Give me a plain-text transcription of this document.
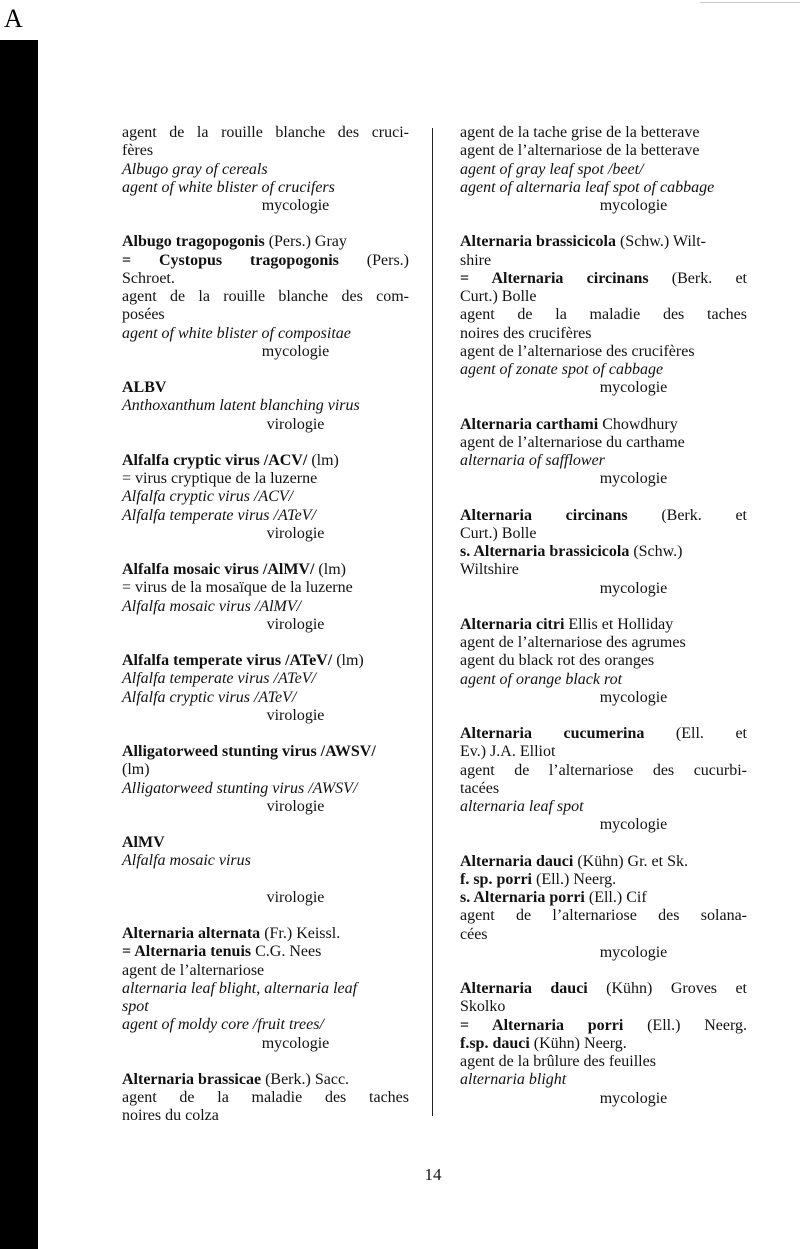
A

agent de la rouille blanche des cruci-

fères

Albugo gray of cereals

agent of white blister of crucifers

mycologie

Albugo tragopogonis (Pers.) Gray

= Cystopus tragopogonis (Pers.)

Schroet.

agent de la rouille blanche des com-

posées

agent of white blister of compositae

mycologie

ALBV

Anthoxanthum latent blanching virus

virologie

Alfalfa cryptic virus /ACV/ (lm)

= virus cryptique de la luzerne

Alfalfa cryptic virus /ACV/

Alfalfa temperate virus /ATeV/

virologie

Alfalfa mosaic virus /AlMV/ (lm)

= virus de la mosaïque de la luzerne

Alfalfa mosaic virus /AlMV/

virologie

Alfalfa temperate virus /ATeV/ (lm)

Alfalfa temperate virus /ATeV/

Alfalfa cryptic virus /ATeV/

virologie

Alligatorweed stunting virus /AWSV/

(lm)

Alligatorweed stunting virus /AWSV/

virologie

AlMV

Alfalfa mosaic virus

virologie

Alternaria alternata (Fr.) Keissl.

= Alternaria tenuis C.G. Nees

agent de l’alternariose

alternaria leaf blight, alternaria leaf

spot

agent of moldy core /fruit trees/

mycologie

Alternaria brassicae (Berk.) Sacc.

agent de la maladie des taches

noires du colza

agent de la tache grise de la betterave

agent de l’alternariose de la betterave

agent of gray leaf spot /beet/

agent of alternaria leaf spot of cabbage

mycologie

Alternaria brassicicola (Schw.) Wilt-

shire

= Alternaria circinans (Berk. et

Curt.) Bolle

agent de la maladie des taches

noires des crucifères

agent de l’alternariose des crucifères

agent of zonate spot of cabbage

mycologie

Alternaria carthami Chowdhury

agent de l’alternariose du carthame

alternaria of safflower

mycologie

Alternaria circinans (Berk. et

Curt.) Bolle

s. Alternaria brassicicola (Schw.)

Wiltshire

mycologie

Alternaria citri Ellis et Holliday

agent de l’alternariose des agrumes

agent du black rot des oranges

agent of orange black rot

mycologie

Alternaria cucumerina (Ell. et

Ev.) J.A. Elliot

agent de l’alternariose des cucurbi-

tacées

alternaria leaf spot

mycologie

Alternaria dauci (Kühn) Gr. et Sk.

f. sp. porri (Ell.) Neerg.

s. Alternaria porri (Ell.) Cif

agent de l’alternariose des solana-

cées

mycologie

Alternaria dauci (Kühn) Groves et

Skolko

= Alternaria porri (Ell.) Neerg.

f.sp. dauci (Kühn) Neerg.

agent de la brûlure des feuilles

alternaria blight

mycologie

14
